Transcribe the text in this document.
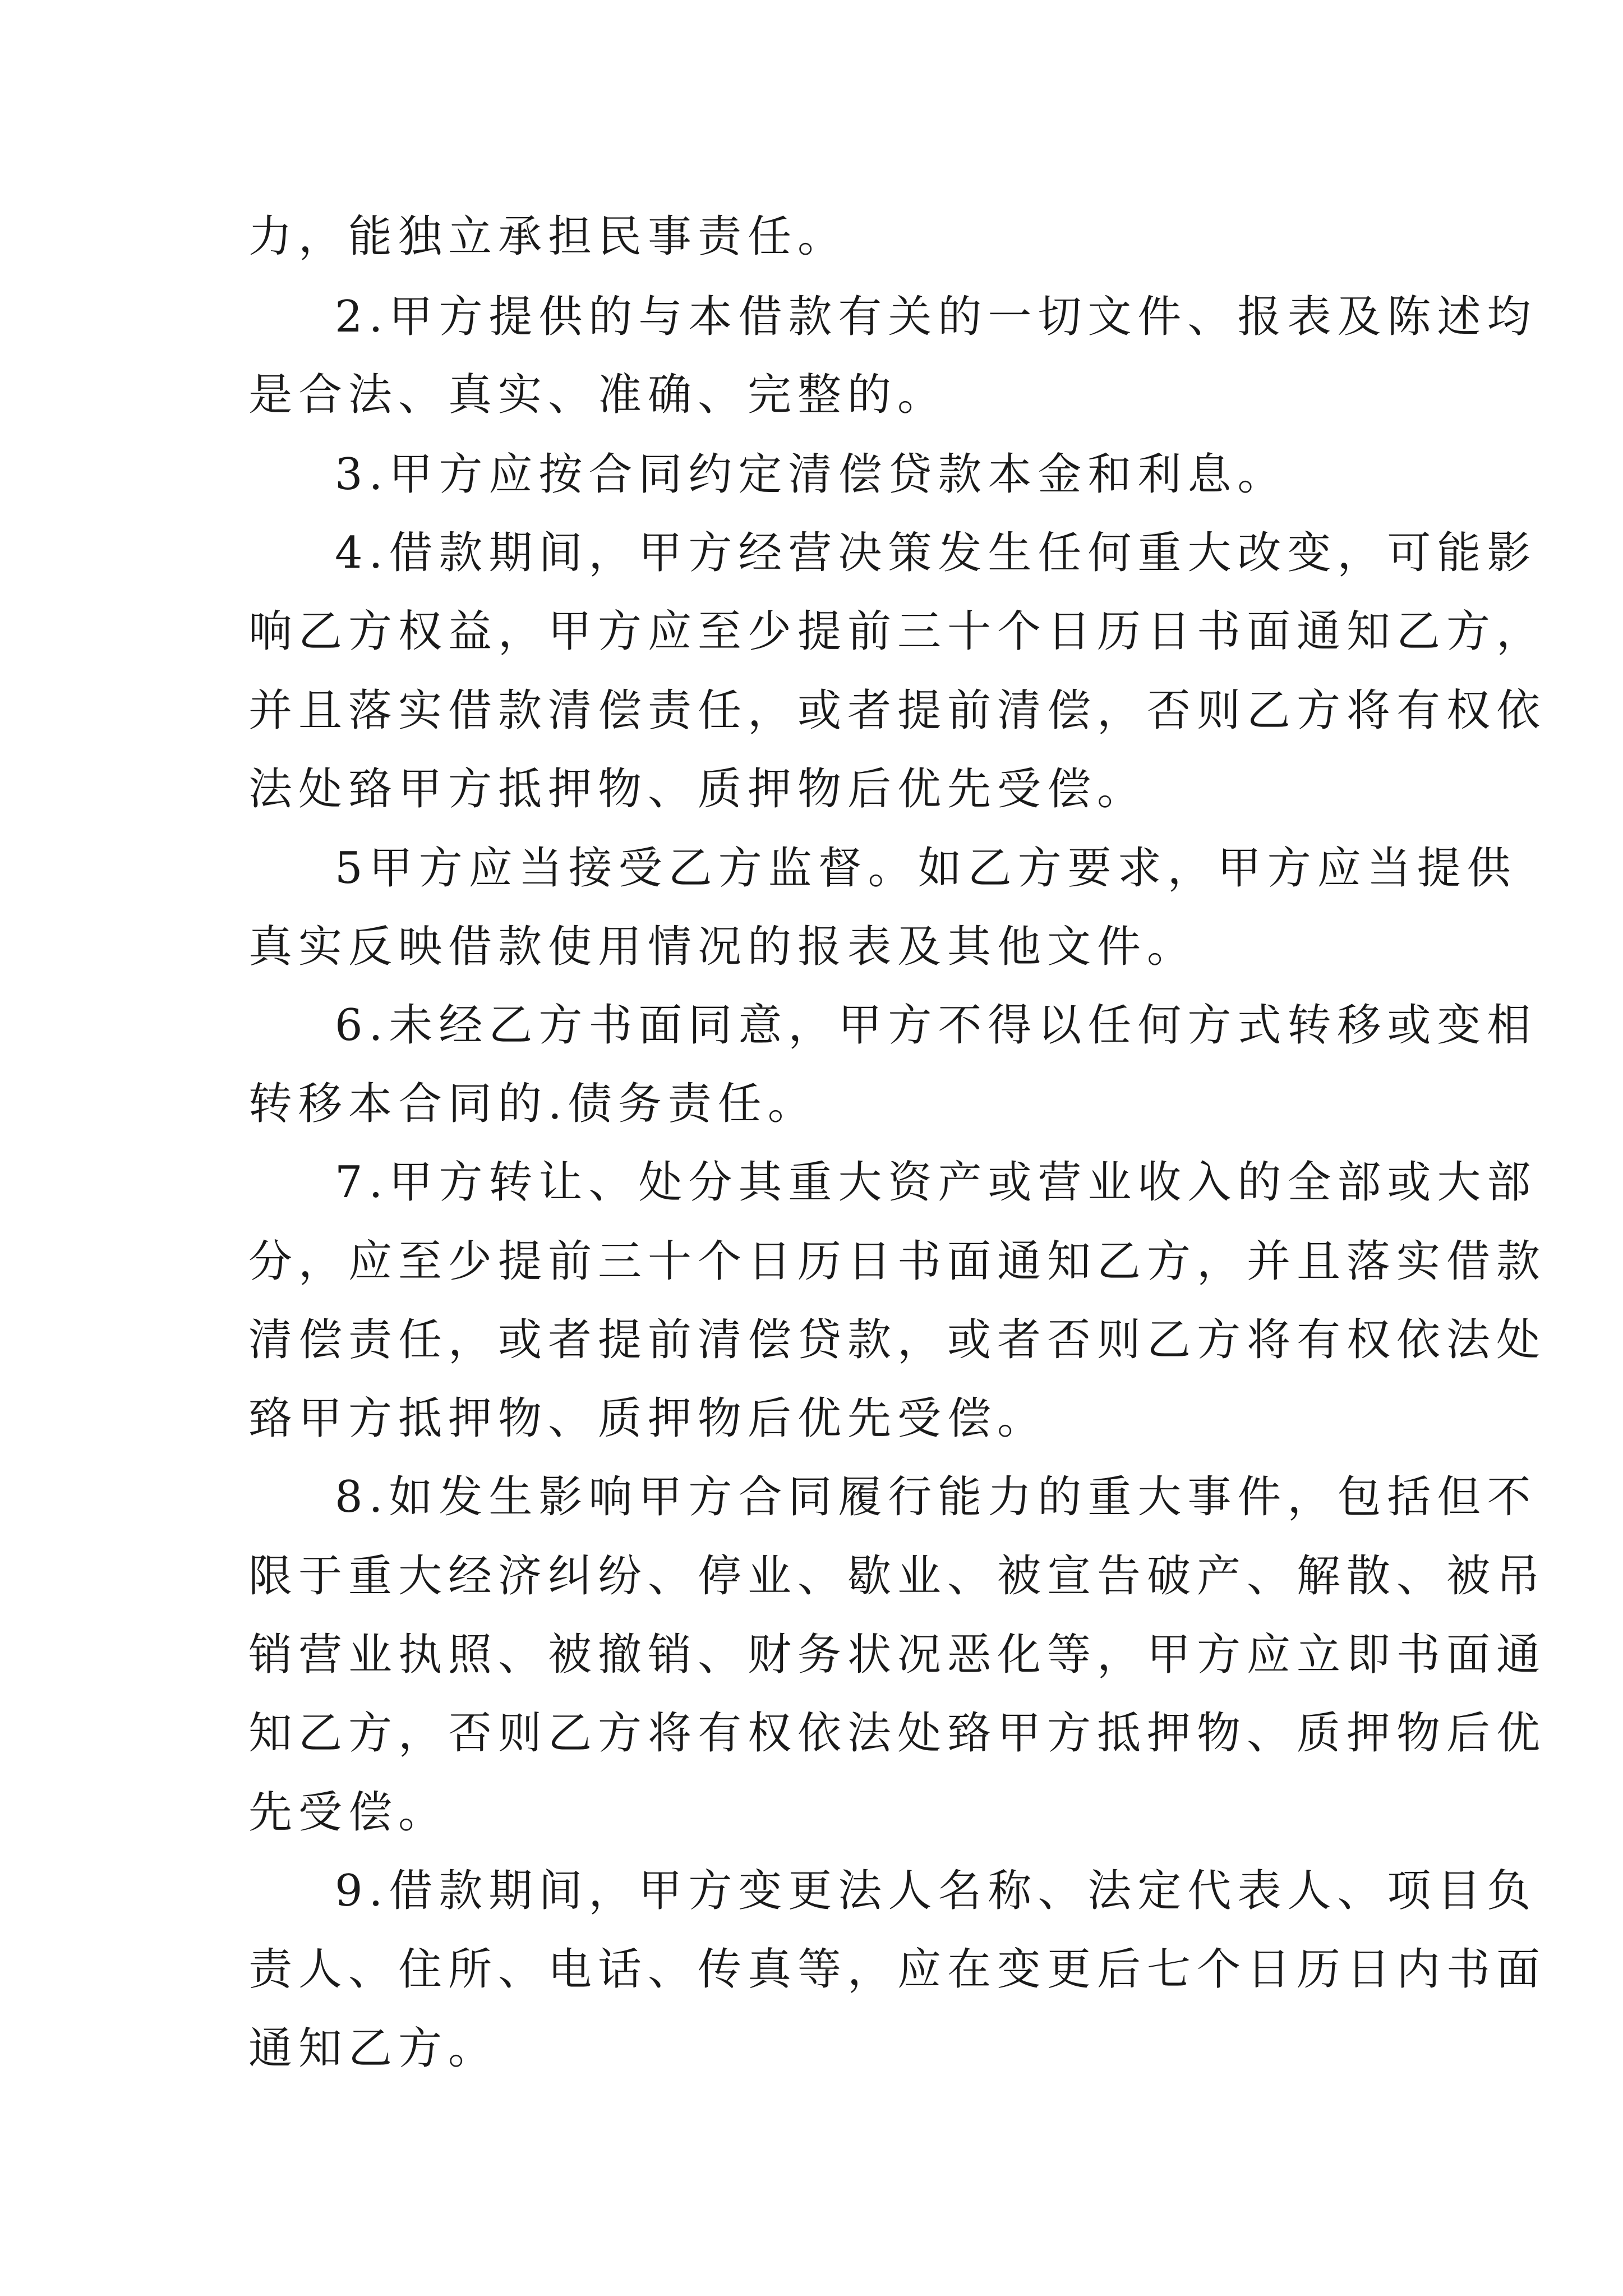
力，能独立承担民事责任。

2.甲方提供的与本借款有关的一切文件、报表及陈述均

是合法、真实、准确、完整的。

3.甲方应按合同约定清偿贷款本金和利息。

4.借款期间，甲方经营决策发生任何重大改变，可能影

响乙方权益，甲方应至少提前三十个日历日书面通知乙方，

并且落实借款清偿责任，或者提前清偿，否则乙方将有权依

法处臵甲方抵押物、质押物后优先受偿。

5甲方应当接受乙方监督。如乙方要求，甲方应当提供

真实反映借款使用情况的报表及其他文件。

6.未经乙方书面同意，甲方不得以任何方式转移或变相

转移本合同的.债务责任。

7.甲方转让、处分其重大资产或营业收入的全部或大部

分，应至少提前三十个日历日书面通知乙方，并且落实借款

清偿责任，或者提前清偿贷款，或者否则乙方将有权依法处

臵甲方抵押物、质押物后优先受偿。

8.如发生影响甲方合同履行能力的重大事件，包括但不

限于重大经济纠纷、停业、歇业、被宣告破产、解散、被吊

销营业执照、被撤销、财务状况恶化等，甲方应立即书面通

知乙方，否则乙方将有权依法处臵甲方抵押物、质押物后优

先受偿。

9.借款期间，甲方变更法人名称、法定代表人、项目负

责人、住所、电话、传真等，应在变更后七个日历日内书面

通知乙方。
